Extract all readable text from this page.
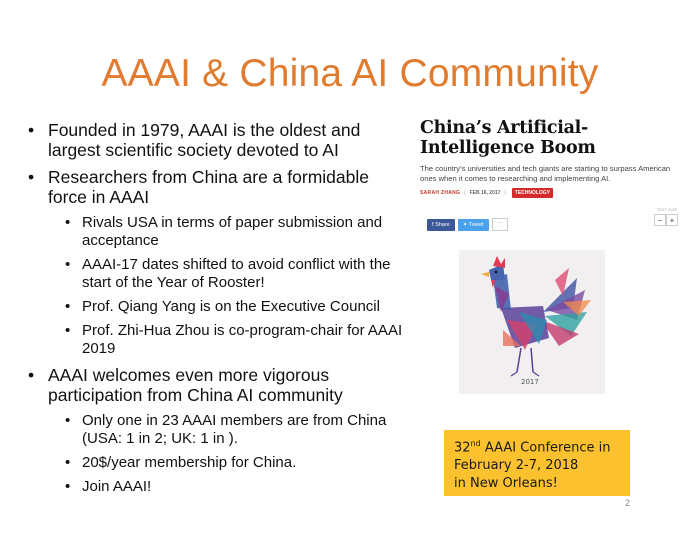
AAAI & China AI Community
• Founded in 1979, AAAI is the oldest and largest scientific society devoted to AI
• Researchers from China are a formidable force in AAAI
• Rivals USA in terms of paper submission and acceptance
• AAAI-17 dates shifted to avoid conflict with the start of the Year of Rooster!
• Prof. Qiang Yang is on the Executive Council
• Prof. Zhi-Hua Zhou is co-program-chair for AAAI 2019
• AAAI welcomes even more vigorous participation from China AI community
• Only one in 23 AAAI members are from China (USA: 1 in 2; UK: 1 in ).
• 20$/year membership for China.
• Join AAAI!
China’s Artificial-
Intelligence Boom
The country’s universities and tech giants are starting to surpass American ones when it comes to researching and implementing AI.
SARAH ZHANG | FEB 16, 2017 | TECHNOLOGY
f Share ✦ Tweet ···
TEXT SIZE
− +
2017
32nd AAAI Conference in
February 2-7, 2018
in New Orleans!
2
